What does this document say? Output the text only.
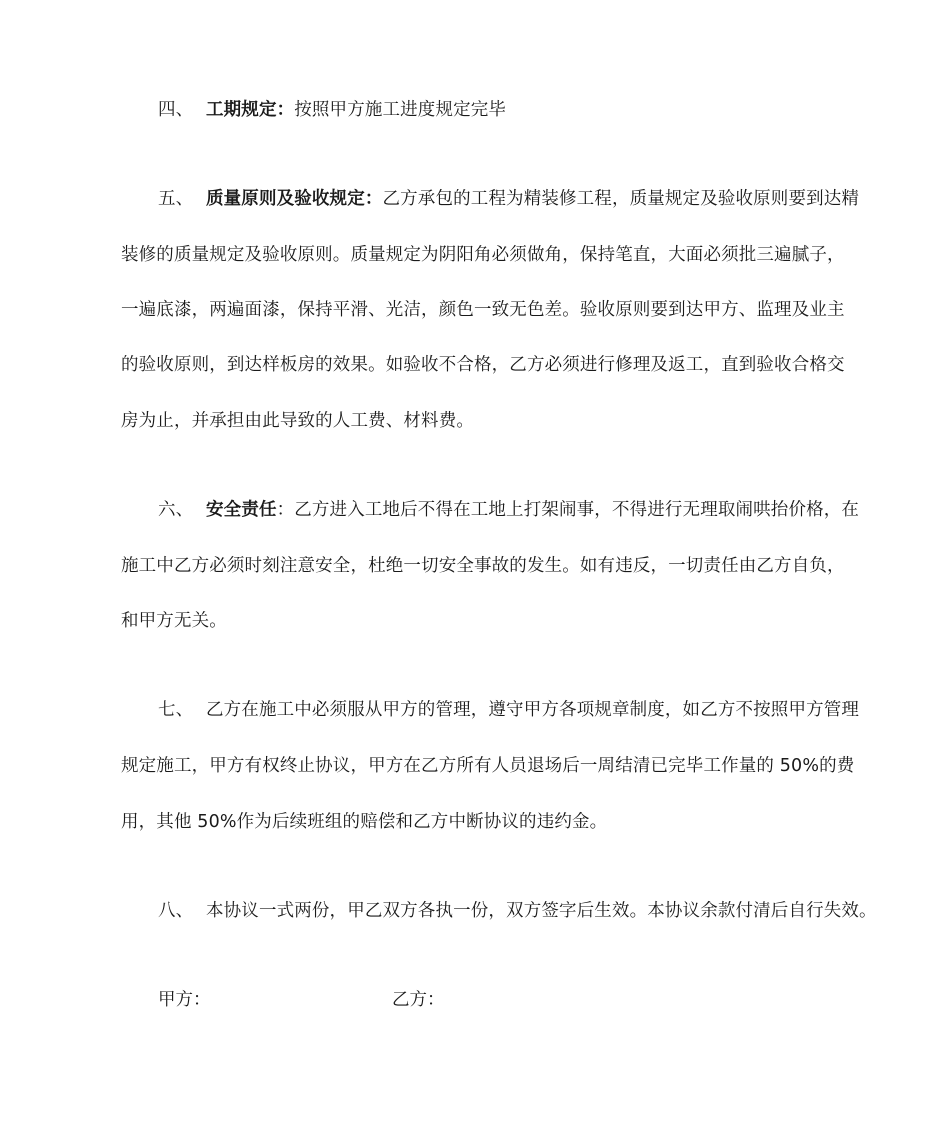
四、 工期规定：按照甲方施工进度规定完毕
五、 质量原则及验收规定：乙方承包的工程为精装修工程，质量规定及验收原则要到达精
装修的质量规定及验收原则。质量规定为阴阳角必须做角，保持笔直，大面必须批三遍腻子，
一遍底漆，两遍面漆，保持平滑、光洁，颜色一致无色差。验收原则要到达甲方、监理及业主
的验收原则，到达样板房的效果。如验收不合格，乙方必须进行修理及返工，直到验收合格交
房为止，并承担由此导致的人工费、材料费。
六、 安全责任：乙方进入工地后不得在工地上打架闹事，不得进行无理取闹哄抬价格，在
施工中乙方必须时刻注意安全，杜绝一切安全事故的发生。如有违反，一切责任由乙方自负，
和甲方无关。
七、 乙方在施工中必须服从甲方的管理，遵守甲方各项规章制度，如乙方不按照甲方管理
规定施工，甲方有权终止协议，甲方在乙方所有人员退场后一周结清已完毕工作量的 50%的费
用，其他 50%作为后续班组的赔偿和乙方中断协议的违约金。
八、 本协议一式两份，甲乙双方各执一份，双方签字后生效。本协议余款付清后自行失效。
甲方：	乙方：
